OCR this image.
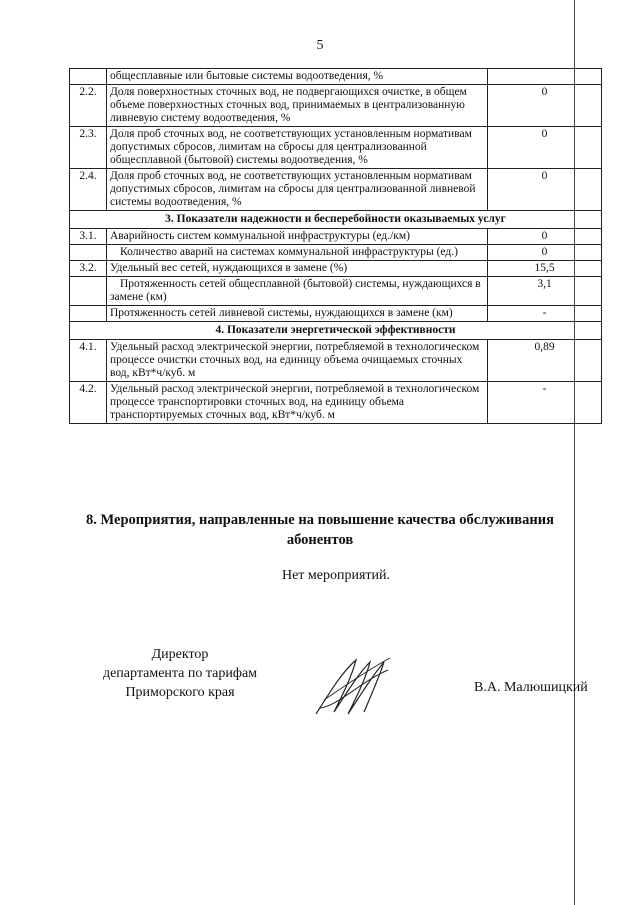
5
	общесплавные или бытовые системы водоотведения, %	
2.2.	Доля поверхностных сточных вод, не подвергающихся очистке, в общем объеме поверхностных сточных вод, принимаемых в централизованную ливневую систему водоотведения, %	0
2.3.	Доля проб сточных вод, не соответствующих установленным нормативам допустимых сбросов, лимитам на сбросы для централизованной общесплавной (бытовой) системы водоотведения, %	0
2.4.	Доля проб сточных вод, не соответствующих установленным нормативам допустимых сбросов, лимитам на сбросы для централизованной ливневой системы водоотведения, %	0
3. Показатели надежности и бесперебойности оказываемых услуг		
3.1.	Аварийность систем коммунальной инфраструктуры (ед./км)	0
	Количество аварий на системах коммунальной инфраструктуры (ед.)	0
3.2.	Удельный вес сетей, нуждающихся в замене (%)	15,5
	Протяженность сетей общесплавной (бытовой) системы, нуждающихся в замене (км)	3,1
	Протяженность сетей ливневой системы, нуждающихся в замене (км)	-
4. Показатели энергетической эффективности		
4.1.	Удельный расход электрической энергии, потребляемой в технологическом процессе очистки сточных вод, на единицу объема очищаемых сточных вод, кВт*ч/куб. м	0,89
4.2.	Удельный расход электрической энергии, потребляемой в технологическом процессе транспортировки сточных вод, на единицу объема транспортируемых сточных вод, кВт*ч/куб. м	-
8. Мероприятия, направленные на повышение качества обслуживания
абонентов
Нет мероприятий.
Директор
департамента по тарифам
Приморского края	В.А. Малюшицкий
